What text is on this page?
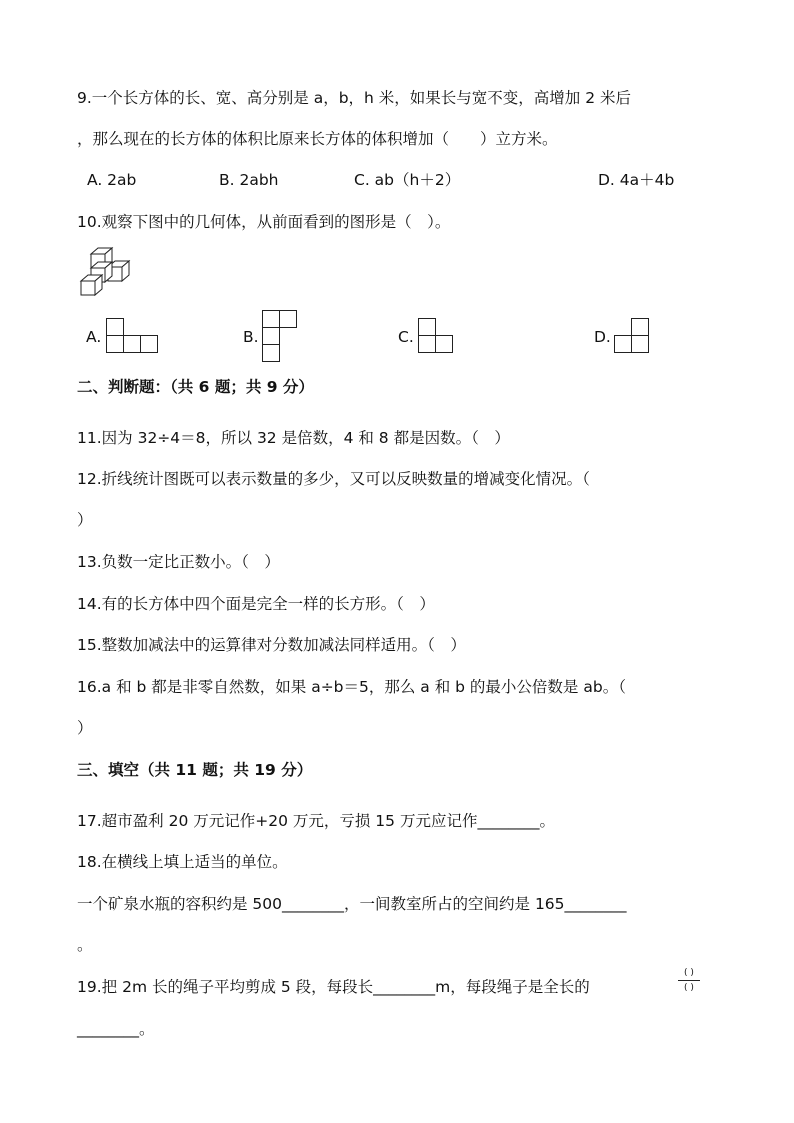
9.一个长方体的长、宽、高分别是 a，b，h 米，如果长与宽不变，高增加 2 米后
，那么现在的长方体的体积比原来长方体的体积增加（　　）立方米。
A. 2ab	B. 2abh	C. ab（h＋2）	D. 4a＋4b
10.观察下图中的几何体，从前面看到的图形是（　）。
A.	B.	C.	D.
二、判断题：（共 6 题；共 9 分）
11.因为 32÷4＝8，所以 32 是倍数，4 和 8 都是因数。（　）
12.折线统计图既可以表示数量的多少，又可以反映数量的增减变化情况。（
）
13.负数一定比正数小。（　）
14.有的长方体中四个面是完全一样的长方形。（　）
15.整数加减法中的运算律对分数加减法同样适用。（　）
16.a 和 b 都是非零自然数，如果 a÷b＝5，那么 a 和 b 的最小公倍数是 ab。（
）
三、填空（共 11 题；共 19 分）
17.超市盈利 20 万元记作+20 万元，亏损 15 万元应记作________。
18.在横线上填上适当的单位。
一个矿泉水瓶的容积约是 500________，一间教室所占的空间约是 165________
。
19.把 2m 长的绳子平均剪成 5 段，每段长________m，每段绳子是全长的
( )
( )
________。
